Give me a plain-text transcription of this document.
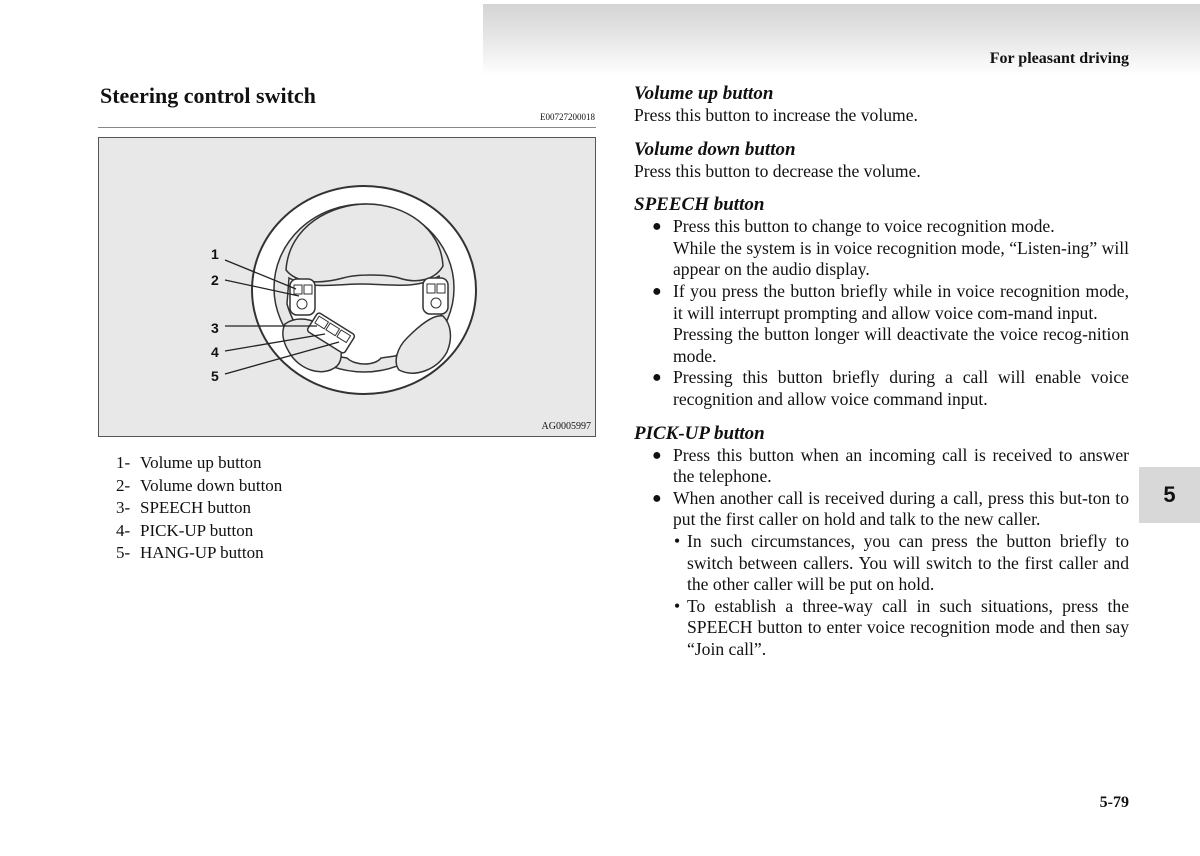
For pleasant driving
Steering control switch
E00727200018
1
2
3
4
5
AG0005997
1- Volume up button
2- Volume down button
3- SPEECH button
4- PICK-UP button
5- HANG-UP button
Volume up button
Press this button to increase the volume.
Volume down button
Press this button to decrease the volume.
SPEECH button
● Press this button to change to voice recognition mode.
While the system is in voice recognition mode, “Listen-ing” will appear on the audio display.
● If you press the button briefly while in voice recognition mode, it will interrupt prompting and allow voice com-mand input.
Pressing the button longer will deactivate the voice recog-nition mode.
● Pressing this button briefly during a call will enable voice recognition and allow voice command input.
PICK-UP button
● Press this button when an incoming call is received to answer the telephone.
● When another call is received during a call, press this but-ton to put the first caller on hold and talk to the new caller.
• In such circumstances, you can press the button briefly to switch between callers. You will switch to the first caller and the other caller will be put on hold.
• To establish a three-way call in such situations, press the SPEECH button to enter voice recognition mode and then say “Join call”.
5
5-79
